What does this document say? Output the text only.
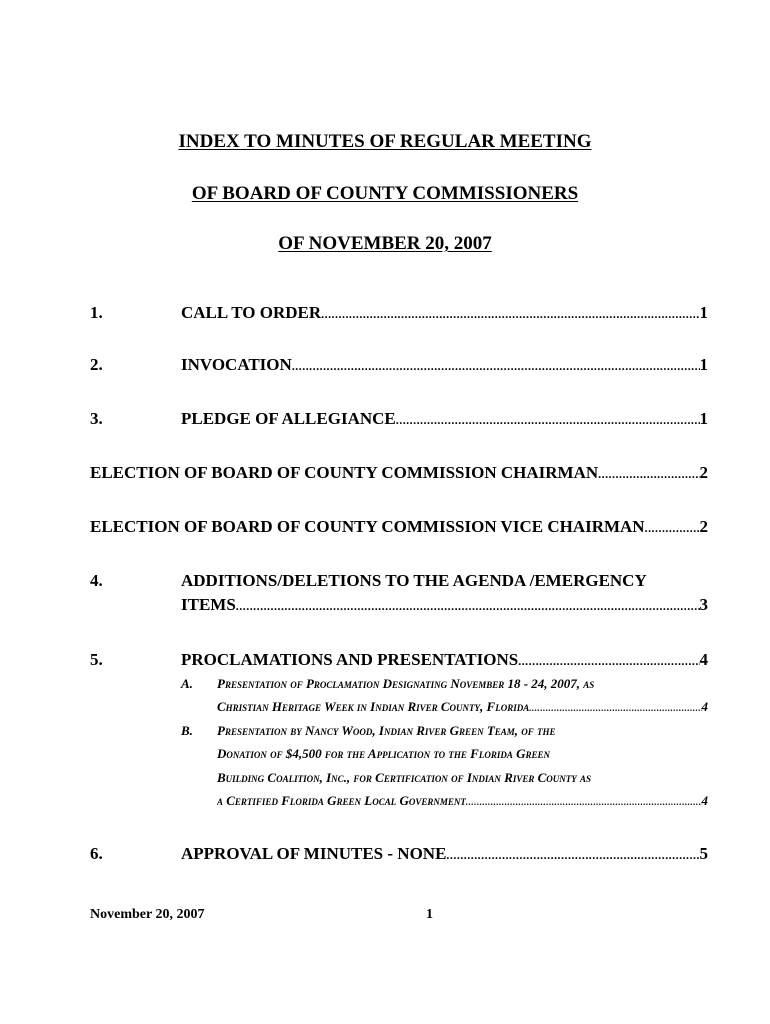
INDEX TO MINUTES OF REGULAR MEETING
OF BOARD OF COUNTY COMMISSIONERS
OF NOVEMBER 20, 2007
1.	CALL TO ORDER .....	1
2.	INVOCATION .....	1
3.	PLEDGE OF ALLEGIANCE .....	1
ELECTION OF BOARD OF COUNTY COMMISSION CHAIRMAN .....	2
ELECTION OF BOARD OF COUNTY COMMISSION VICE CHAIRMAN .....	2
4.	ADDITIONS/DELETIONS TO THE AGENDA /EMERGENCY
ITEMS .....	3
5.	PROCLAMATIONS AND PRESENTATIONS .....	4
A. Presentation of Proclamation Designating November 18 - 24, 2007, as
Christian Heritage Week in Indian River County, Florida .....	4
B. Presentation by Nancy Wood, Indian River Green Team, of the
Donation of $4,500 for the Application to the Florida Green
Building Coalition, Inc., for Certification of Indian River County as
a Certified Florida Green Local Government .....	4
6.	APPROVAL OF MINUTES - NONE .....	5
November 20, 2007	1
